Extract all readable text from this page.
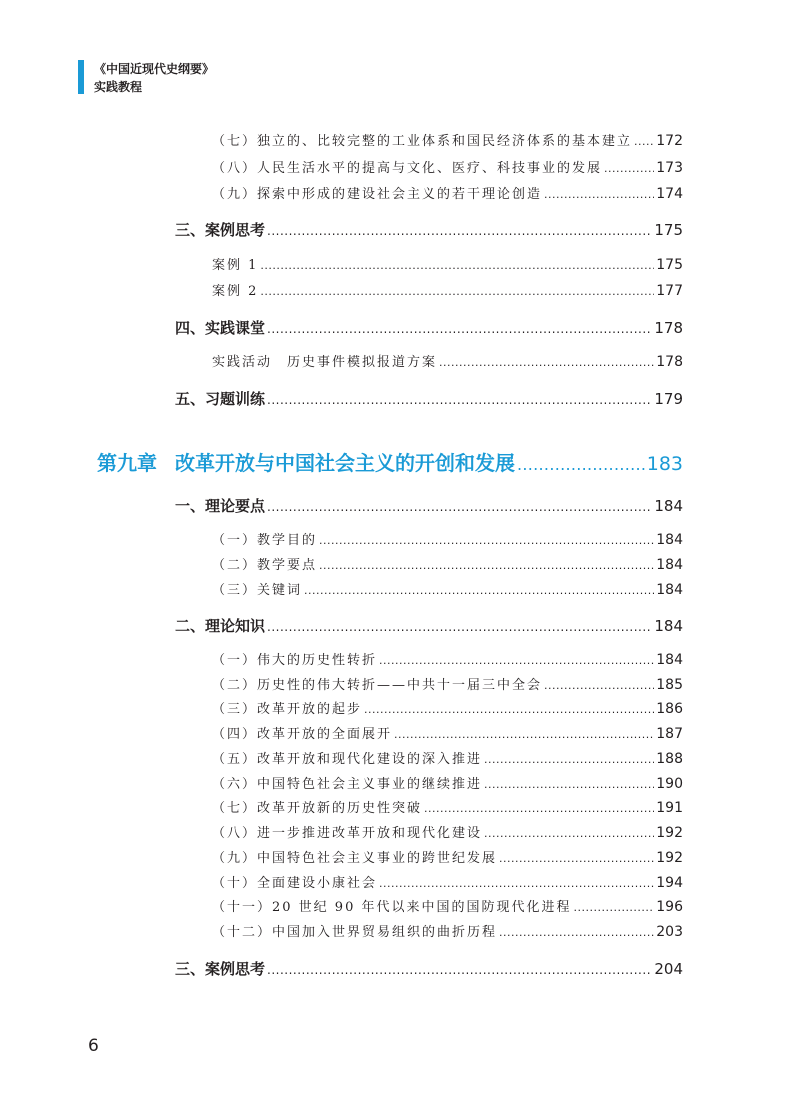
《中国近现代史纲要》
实践教程
（七）独立的、比较完整的工业体系和国民经济体系的基本建立 ..... 172
（八）人民生活水平的提高与文化、医疗、科技事业的发展 .....	173
（九）探索中形成的建设社会主义的若干理论创造 .....	174
三、案例思考 .....	175
案例 1 .....	175
案例 2 .....	177
四、实践课堂 .....	178
实践活动　历史事件模拟报道方案 .....	178
五、习题训练 .....	179
第九章 改革开放与中国社会主义的开创和发展 .....	183
一、理论要点 .....	184
（一）教学目的 .....	184
（二）教学要点 .....	184
（三）关键词 .....	184
二、理论知识 .....	184
（一）伟大的历史性转折 .....	184
（二）历史性的伟大转折——中共十一届三中全会 .....	185
（三）改革开放的起步 .....	186
（四）改革开放的全面展开 .....	187
（五）改革开放和现代化建设的深入推进 .....	188
（六）中国特色社会主义事业的继续推进 .....	190
（七）改革开放新的历史性突破 .....	191
（八）进一步推进改革开放和现代化建设 .....	192
（九）中国特色社会主义事业的跨世纪发展 .....	192
（十）全面建设小康社会 .....	194
（十一）20 世纪 90 年代以来中国的国防现代化进程 .....	196
（十二）中国加入世界贸易组织的曲折历程 .....	203
三、案例思考 .....	204
6
